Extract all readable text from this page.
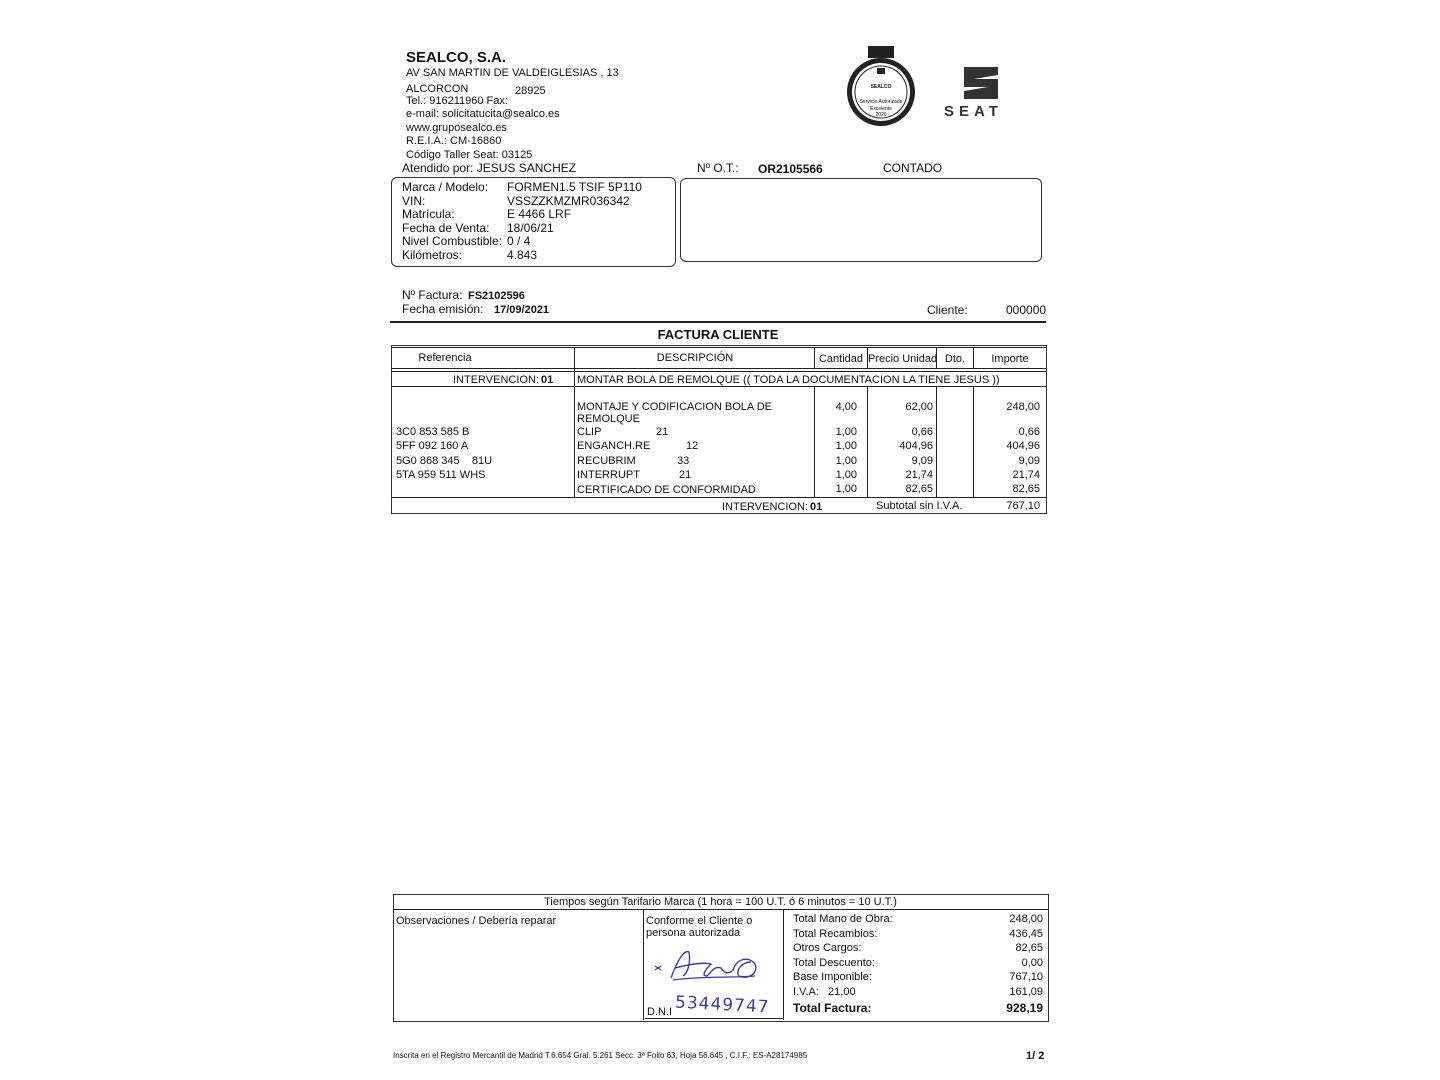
SEALCO, S.A.
AV SAN MARTIN DE VALDEIGLESIAS , 13
ALCORCON	28925
Tel.: 916211960 Fax:
e-mail: solicitatucita@sealco.es
www.gruposealco.es
R.E.I.A.: CM-16860
Código Taller Seat: 03125
Atendido por: JESUS SANCHEZ
SEALCO
Servicio Autorizado
Excelente
2020	SEAT
Nº O.T.: OR2105566	CONTADO
Marca / Modelo: FORMEN1.5 TSIF 5P110
VIN:	VSSZZKMZMR036342
Matrícula:	E 4466 LRF
Fecha de Venta: 18/06/21
Nivel Combustible: 0 / 4
Kilómetros:	4.843
Nº Factura: FS2102596
Fecha emisión: 17/09/2021	Cliente:	000000
FACTURA CLIENTE
Referencia	DESCRIPCIÓN	Cantidad Precio Unidad Dto.	Importe
INTERVENCION: 01 MONTAR BOLA DE REMOLQUE (( TODA LA DOCUMENTACION LA TIENE JESUS ))
MONTAJE Y CODIFICACION BOLA DE
REMOLQUE
4,00	62,00	248,00
3C0 853 585 B	CLIP	21	1,00	0,66	0,66
5FF 092 160 A	ENGANCH.RE	12	1,00	404,96	404,96
5G0 868 345    81U	RECUBRIM	33	1,00	9,09	9,09
5TA 959 511 WHS	INTERRUPT	21	1,00	21,74	21,74
CERTIFICADO DE CONFORMIDAD	1,00	82,65	82,65
INTERVENCION: 01	Subtotal sin I.V.A.	767,10
Tiempos según Tarifario Marca (1 hora = 100 U.T. ó 6 minutos = 10 U.T.)
Observaciones / Debería reparar	Conforme el Cliente o
persona autorizada
D.N.I 53449747
Total Mano de Obra:	248,00
Total Recambios:	436,45
Otros Cargos:	82,65
Total Descuento:	0,00
Base Imponible:	767,10
I.V.A:   21,00	161,09
Total Factura:	928,19
Inscrita en el Registro Mercantil de Madrid T.6.654 Gral. 5.261 Secc. 3ª Folio 63, Hoja 56.645 , C.I.F.: ES-A28174985	1/ 2
